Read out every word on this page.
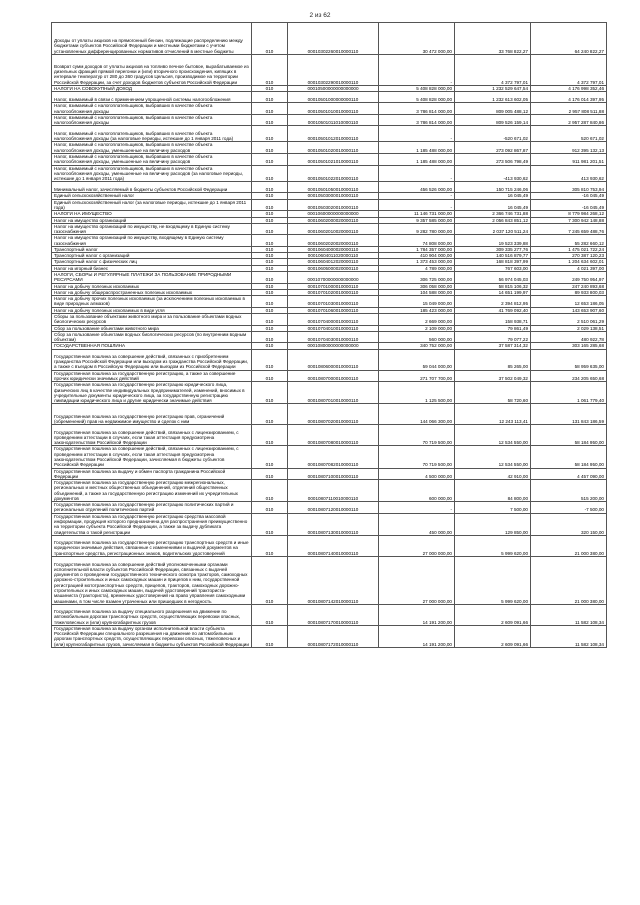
2 из 62
Доходы от уплаты акцизов на прямогонный бензин, подлежащие распределению между бюджетами субъектов Российской Федерации и местными бюджетами с учетом установленных дифференцированных нормативов отчислений в местные бюджеты	010	00010302260010000110	30 472 000,00	33 768 822,27	64 240 822,27
Возврат сумм доходов от уплаты акцизов на топливо печное бытовое, вырабатываемое из дизельных фракций прямой перегонки и (или) вторичного происхождения, кипящих в интервале температур от 280 до 360 градусов Цельсия, производимое на территории Российской Федерации, за счет доходов бюджетов субъектов Российской Федерации	010	00010302290010000110	-	4 372 797,01	4 372 797,01
НАЛОГИ НА СОВОКУПНЫЙ ДОХОД	010	00010500000000000000	5 408 828 000,00	1 232 529 647,54	4 176 998 352,46
Налог, взимаемый в связи с применением упрощенной системы налогообложения	010	00010501000000000110	5 408 828 000,00	1 232 613 602,05	4 176 014 397,95
Налог, взимаемый с налогоплательщиков, выбравших в качестве объекта налогообложения доходы	010	00010501010010000110	3 786 814 000,00	809 005 488,12	2 957 808 511,88
Налог, взимаемый с налогоплательщиков, выбравших в качестве объекта налогообложения доходы	010	00010501011010000110	3 786 814 000,00	809 526 159,14	2 957 287 840,86
Налог, взимаемый с налогоплательщиков, выбравших в качестве объекта налогообложения доходы (за налоговые периоды, истекшие до 1 января 2011 года)	010	00010501012010000110	-	-520 671,02	520 671,02
Налог, взимаемый с налогоплательщиков, выбравших в качестве объекта налогообложения доходы, уменьшенные на величину расходов	010	00010501020010000110	1 185 488 000,00	273 092 867,87	912 395 132,13
Налог, взимаемый с налогоплательщиков, выбравших в качестве объекта налогообложения доходы, уменьшенные на величину расходов	010	00010501021010000110	1 185 488 000,00	273 506 798,49	911 981 201,51
Налог, взимаемый с налогоплательщиков, выбравших в качестве объекта налогообложения доходы, уменьшенные на величину расходов (за налоговые периоды, истекшие до 1 января 2011 года)	010	00010501022010000110	-	-413 930,62	413 930,62
Минимальный налог, зачисляемый в бюджеты субъектов Российской Федерации	010	00010501050010000110	456 526 000,00	150 715 246,06	305 810 753,94
Единый сельскохозяйственный налог	010	00010503000010000110	-	16 045,49	-16 045,49
Единый сельскохозяйственный налог (за налоговые периоды, истекшие до 1 января 2011 года)	010	00010503020010000110	-	16 045,49	-16 045,49
НАЛОГИ НА ИМУЩЕСТВО	010	00010600000000000000	11 146 731 000,00	2 366 746 731,88	8 779 984 268,12
Налог на имущество организаций	010	00010602000020000110	9 357 585 000,00	2 056 843 851,12	7 300 942 148,88
Налог на имущество организаций по имуществу, не входящему в Единую систему газоснабжения	010	00010602010020000110	9 282 780 000,00	2 037 120 511,24	7 245 659 488,76
Налог на имущество организаций по имуществу, входящему в Единую систему газоснабжения	010	00010602020020000110	74 808 000,00	19 523 339,88	55 282 660,12
Транспортный налог	010	00010604000020000110	1 784 357 000,00	309 335 277,76	1 475 021 722,24
Транспортный налог с организаций	010	00010604011020000110	410 904 000,00	140 516 879,77	270 387 120,23
Транспортный налог с физических лиц	010	00010604012020000110	1 373 453 000,00	168 818 397,99	1 204 634 602,01
Налог на игорный бизнес	010	00010605000020000110	4 789 000,00	767 603,00	4 021 397,00
НАЛОГИ, СБОРЫ И РЕГУЛЯРНЫЕ ПЛАТЕЖИ ЗА ПОЛЬЗОВАНИЕ ПРИРОДНЫМИ РЕСУРСАМИ	010	00010700000000000000	306 725 000,00	56 974 045,03	249 750 954,97
Налог на добычу полезных ископаемых	010	00010701000010000110	306 058 000,00	58 815 106,32	247 240 893,68
Налог на добычу общераспространенных полезных ископаемых	010	00010701020010000110	104 588 000,00	14 651 199,97	89 933 800,03
Налог на добычу прочих полезных ископаемых (за исключением полезных ископаемых в виде природных алмазов)	010	00010701030010000110	15 049 000,00	2 394 812,95	12 653 186,05
Налог на добычу полезных ископаемых в виде угля	010	00010701060010000110	185 423 000,00	41 769 092,40	143 653 907,60
Сборы за пользование объектами животного мира и за пользование объектами водных биологических ресурсов	010	00010704000010000110	2 669 000,00	158 938,71	2 510 061,29
Сбор за пользование объектами животного мира	010	00010704010010000110	2 109 000,00	79 861,49	2 029 138,51
Сбор за пользование объектами водных биологических ресурсов (по внутренним водным объектам)	010	00010704030010000110	560 000,00	79 077,22	480 922,78
ГОСУДАРСТВЕННАЯ ПОШЛИНА	010	00010800000000000000	340 752 000,00	37 587 314,32	303 165 285,68
Государственная пошлина за совершение действий, связанных с приобретением гражданства Российской Федерации или выходом из гражданства Российской Федерации, а также с въездом в Российскую Федерацию или выездом из Российской Федерации	010	00010806000010000110	59 044 000,00	85 265,00	58 959 635,00
Государственная пошлина за государственную регистрацию, а также за совершение прочих юридически значимых действий	010	00010807000010000110	271 707 700,00	37 502 049,32	234 205 650,68
Государственная пошлина за государственную регистрацию юридического лица, физических лиц в качестве индивидуальных предпринимателей, изменений, вносимых в учредительные документы юридического лица, за государственную регистрацию ликвидации юридического лица и другие юридически значимые действия	010	00010807010010000110	1 125 500,00	58 720,60	1 061 779,40
Государственная пошлина за государственную регистрацию прав, ограничений (обременений) прав на недвижимое имущество и сделок с ним	010	00010807020010000110	144 066 300,00	12 243 113,41	131 843 186,59
Государственная пошлина за совершение действий, связанных с лицензированием, с проведением аттестации в случаях, если такая аттестация предусмотрена законодательством Российской Федерации	010	00010807080010000110	70 719 500,00	12 534 550,00	58 184 950,00
Государственная пошлина за совершение действий, связанных с лицензированием, с проведением аттестации в случаях, если такая аттестация предусмотрена законодательством Российской Федерации, зачисляемая в бюджеты субъектов Российской Федерации	010	00010807082010000110	70 719 500,00	12 534 550,00	58 184 950,00
Государственная пошлина за выдачу и обмен паспорта гражданина Российской Федерации	010	00010807100010000110	4 500 000,00	42 910,00	4 457 090,00
Государственная пошлина за государственную регистрацию межрегиональных, региональных и местных общественных объединений, отделений общественных объединений, а также за государственную регистрацию изменений их учредительных документов	010	00010807110010000110	600 000,00	84 800,00	515 200,00
Государственная пошлина за государственную регистрацию политических партий и региональных отделений политических партий	010	00010807120010000110	-	7 500,00	-7 500,00
Государственная пошлина за государственную регистрацию средства массовой информации, продукция которого предназначена для распространения преимущественно на территории субъекта Российской Федерации, а также за выдачу дубликата свидетельства о такой регистрации	010	00010807130010000110	450 000,00	129 850,00	320 150,00
Государственная пошлина за государственную регистрацию транспортных средств и иные юридически значимые действия, связанные с изменениями и выдачей документов на транспортные средства, регистрационных знаков, водительских удостоверений	010	00010807140010000110	27 000 000,00	5 999 620,00	21 000 380,00
Государственная пошлина за совершение действий уполномоченными органами исполнительной власти субъектов Российской Федерации, связанных с выдачей документов о проведении государственного технического осмотра тракторов, самоходных дорожно-строительных и иных самоходных машин и прицепов к ним, государственной регистрацией мототранспортных средств, прицепов, тракторов, самоходных дорожно-строительных и иных самоходных машин, выдачей удостоверений тракториста-машиниста (тракториста), временных удостоверений на право управления самоходными машинами, в том числе взамен утраченных или пришедших в негодность	010	00010807142010000110	27 000 000,00	5 999 620,00	21 000 380,00
Государственная пошлина за выдачу специального разрешения на движение по автомобильным дорогам транспортных средств, осуществляющих перевозки опасных, тяжеловесных и (или) крупногабаритных грузов	010	00010807170010000110	14 191 200,00	2 609 091,66	11 582 108,34
Государственная пошлина за выдачу органом исполнительной власти субъекта Российской Федерации специального разрешения на движение по автомобильным дорогам транспортных средств, осуществляющих перевозки опасных, тяжеловесных и (или) крупногабаритных грузов, зачисляемая в бюджеты субъектов Российской Федерации	010	00010807172010000110	14 191 200,00	2 609 091,66	11 582 108,34
